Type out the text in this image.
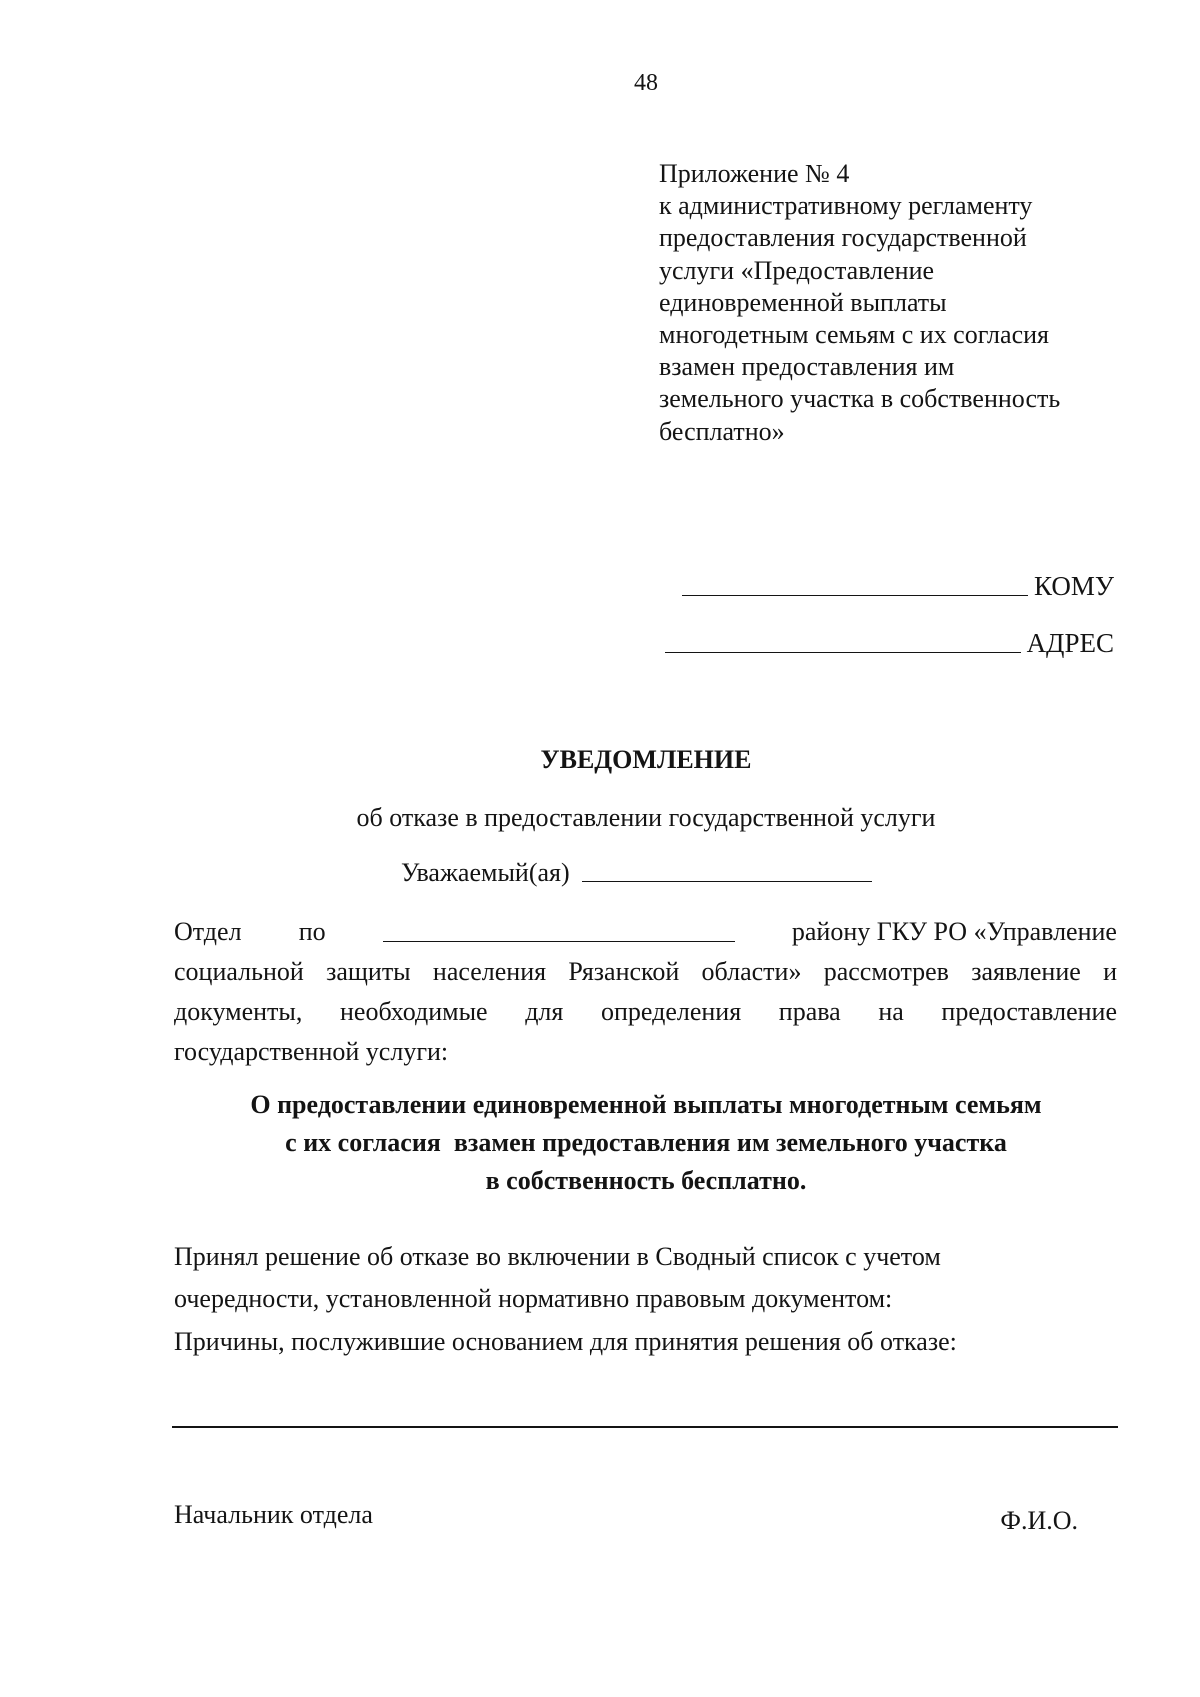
48
Приложение № 4
к административному регламенту
предоставления государственной
услуги «Предоставление
единовременной выплаты
многодетным семьям с их согласия
взамен предоставления им
земельного участка в собственность
бесплатно»
КОМУ
АДРЕС
УВЕДОМЛЕНИЕ
об отказе в предоставлении государственной услуги
Уважаемый(ая)
Отдел по	району ГКУ РО «Управление
социальной защиты населения Рязанской области» рассмотрев заявление и
документы, необходимые для определения права на предоставление
государственной услуги:
О предоставлении единовременной выплаты многодетным семьям
с их согласия  взамен предоставления им земельного участка
в собственность бесплатно.
Принял решение об отказе во включении в Сводный список с учетом
очередности, установленной нормативно правовым документом:
Причины, послужившие основанием для принятия решения об отказе:
Начальник отдела	Ф.И.О.
